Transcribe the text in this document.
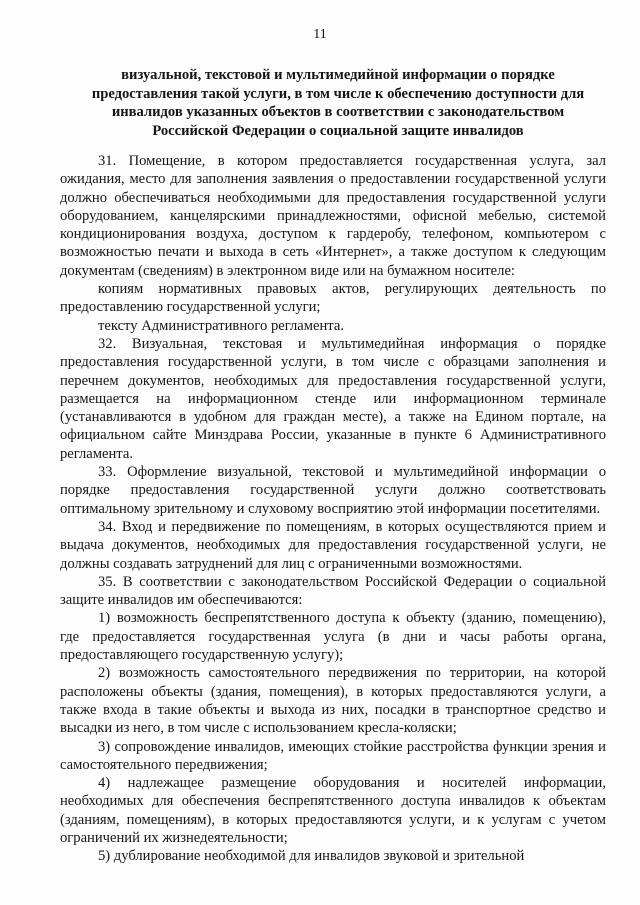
11
визуальной, текстовой и мультимедийной информации о порядке
предоставления такой услуги, в том числе к обеспечению доступности для
инвалидов указанных объектов в соответствии с законодательством
Российской Федерации о социальной защите инвалидов

31. Помещение, в котором предоставляется государственная услуга, зал ожидания, место для заполнения заявления о предоставлении государственной услуги должно обеспечиваться необходимыми для предоставления государственной услуги оборудованием, канцелярскими принадлежностями, офисной мебелью, системой кондиционирования воздуха, доступом к гардеробу, телефоном, компьютером с возможностью печати и выхода в сеть «Интернет», а также доступом к следующим документам (сведениям) в электронном виде или на бумажном носителе:

копиям нормативных правовых актов, регулирующих деятельность по предоставлению государственной услуги;

тексту Административного регламента.

32. Визуальная, текстовая и мультимедийная информация о порядке предоставления государственной услуги, в том числе с образцами заполнения и перечнем документов, необходимых для предоставления государственной услуги, размещается на информационном стенде или информационном терминале (устанавливаются в удобном для граждан месте), а также на Едином портале, на официальном сайте Минздрава России, указанные в пункте 6 Административного регламента.

33. Оформление визуальной, текстовой и мультимедийной информации о порядке предоставления государственной услуги должно соответствовать оптимальному зрительному и слуховому восприятию этой информации посетителями.

34. Вход и передвижение по помещениям, в которых осуществляются прием и выдача документов, необходимых для предоставления государственной услуги, не должны создавать затруднений для лиц с ограниченными возможностями.

35. В соответствии с законодательством Российской Федерации о социальной защите инвалидов им обеспечиваются:

1) возможность беспрепятственного доступа к объекту (зданию, помещению), где предоставляется государственная услуга (в дни и часы работы органа, предоставляющего государственную услугу);

2) возможность самостоятельного передвижения по территории, на которой расположены объекты (здания, помещения), в которых предоставляются услуги, а также входа в такие объекты и выхода из них, посадки в транспортное средство и высадки из него, в том числе с использованием кресла-коляски;

3) сопровождение инвалидов, имеющих стойкие расстройства функции зрения и самостоятельного передвижения;

4) надлежащее размещение оборудования и носителей информации, необходимых для обеспечения беспрепятственного доступа инвалидов к объектам (зданиям, помещениям), в которых предоставляются услуги, и к услугам с учетом ограничений их жизнедеятельности;

5) дублирование необходимой для инвалидов звуковой и зрительной
